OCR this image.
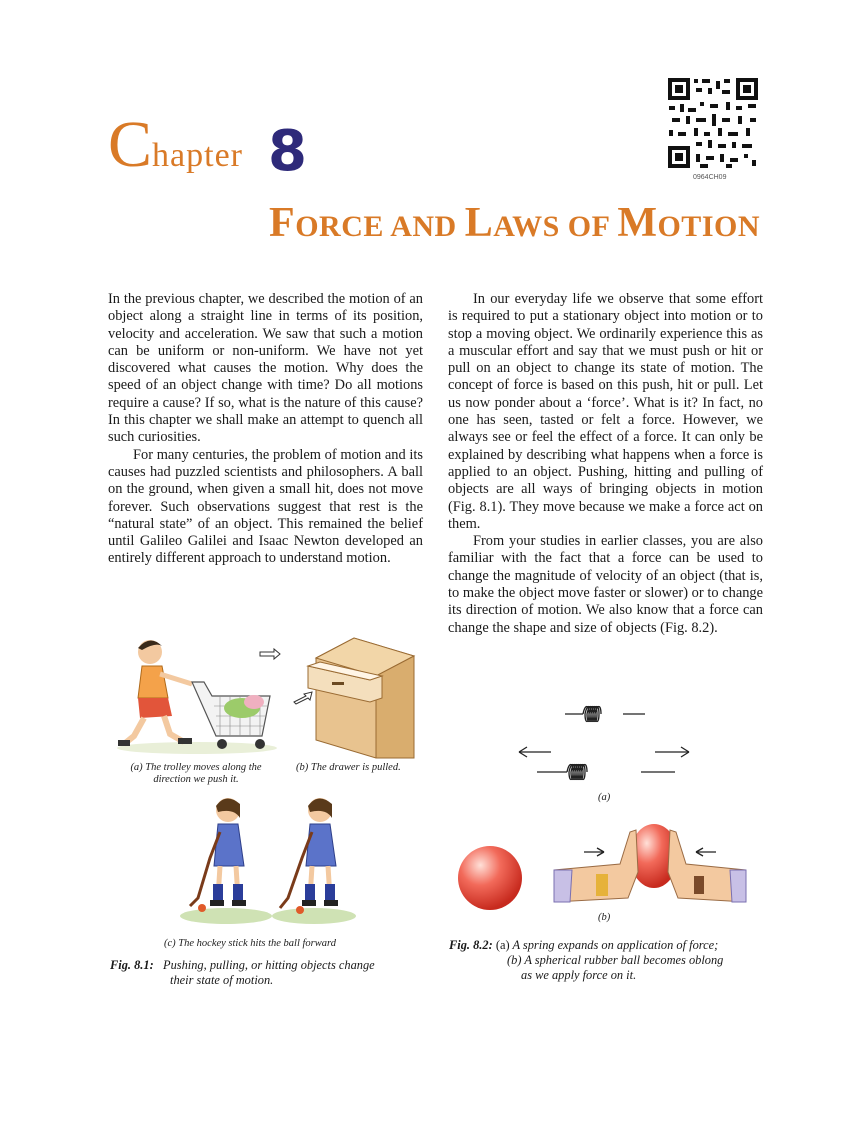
Chapter 8
FORCE AND LAWS OF MOTION
0964CH09

In the previous chapter, we described the motion of an object along a straight line in terms of its position, velocity and acceleration. We saw that such a motion can be uniform or non-uniform. We have not yet discovered what causes the motion. Why does the speed of an object change with time? Do all motions require a cause? If so, what is the nature of this cause? In this chapter we shall make an attempt to quench all such curiosities.

For many centuries, the problem of motion and its causes had puzzled scientists and philosophers. A ball on the ground, when given a small hit, does not move forever. Such observations suggest that rest is the “natural state” of an object. This remained the belief until Galileo Galilei and Isaac Newton developed an entirely different approach to understand motion.

In our everyday life we observe that some effort is required to put a stationary object into motion or to stop a moving object. We ordinarily experience this as a muscular effort and say that we must push or hit or pull on an object to change its state of motion. The concept of force is based on this push, hit or pull. Let us now ponder about a ‘force’. What is it? In fact, no one has seen, tasted or felt a force. However, we always see or feel the effect of a force. It can only be explained by describing what happens when a force is applied to an object. Pushing, hitting and pulling of objects are all ways of bringing objects in motion (Fig. 8.1). They move because we make a force act on them.

From your studies in earlier classes, you are also familiar with the fact that a force can be used to change the magnitude of velocity of an object (that is, to make the object move faster or slower) or to change its direction of motion. We also know that a force can change the shape and size of objects (Fig. 8.2).

(a) The trolley moves along the
direction we push it.
(b) The drawer is pulled.
(c) The hockey stick hits the ball forward
Fig. 8.1: Pushing, pulling, or hitting objects change
their state of motion.
(a)
(b)
Fig. 8.2: (a) A spring expands on application of force;
(b) A spherical rubber ball becomes oblong
as we apply force on it.
